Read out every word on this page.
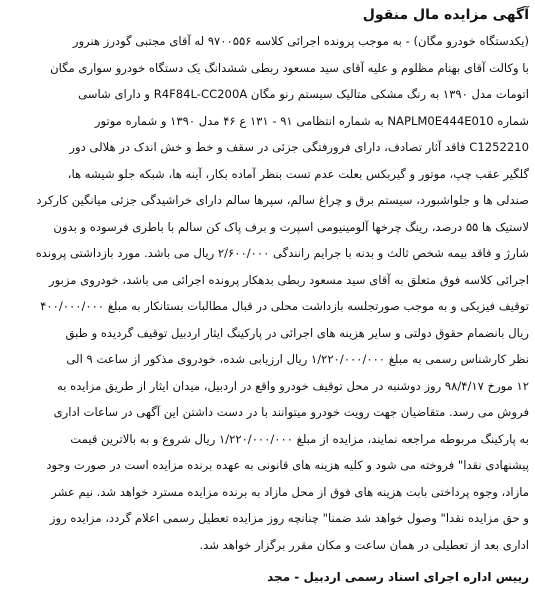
آگهی مزایده مال منقول
(یکدستگاه خودرو مگان) - به موجب پرونده اجرائی کلاسه ۹۷۰۰۵۵۶ له آقای مجتبی گودرز هنرور
با وکالت آقای بهنام مظلوم و علیه آقای سید مسعود ربطی ششدانگ یک دستگاه خودرو سواری مگان
اتومات مدل ۱۳۹۰ به رنگ مشکی متالیک سیستم رنو مگان R4F84L-CC200A و دارای شاسی
شماره NAPLM0E444E010 به شماره انتظامی ۹۱ - ۱۳۱ ع ۴۶ مدل ۱۳۹۰ و شماره موتور
C1252210 فاقد آثار تصادف، دارای فرورفتگی جزئی در سقف و خط و خش اندک در هلالی دور
گلگیر عقب چپ، موتور و گیربکس بعلت عدم تست بنظر آماده بکار، آینه ها، شبکه جلو شیشه ها،
صندلی ها و جلواشبورد، سیستم برق و چراغ سالم، سپرها سالم دارای خراشیدگی جزئی میانگین کارکرد
لاستیک ها ۵۵ درصد، رینگ چرخها آلومینیومی اسپرت و برف پاک کن سالم با باطری فرسوده و بدون
شارژ و فاقد بیمه شخص ثالث و بدنه با جرایم رانندگی ۲/۶۰۰/۰۰۰ ریال می باشد. مورد بازداشتی پرونده
اجرائی کلاسه فوق متعلق به آقای سید مسعود ربطی بدهکار پرونده اجرائی می باشد، خودروی مزبور
توقیف فیزیکی و به موجب صورتجلسه بازداشت محلی در قبال مطالبات بستانکار به مبلغ ۴۰۰/۰۰۰/۰۰۰
ریال بانضمام حقوق دولتی و سایر هزینه های اجرائی در پارکینگ ایثار اردبیل توقیف گردیده و طبق
نظر کارشناس رسمی به مبلغ ۱/۲۲۰/۰۰۰/۰۰۰ ریال ارزیابی شده، خودروی مذکور از ساعت ۹ الی
۱۲ مورخ ۹۸/۴/۱۷ روز دوشنبه در محل توقیف خودرو واقع در اردبیل، میدان ایثار از طریق مزایده به
فروش می رسد. متقاضیان جهت رویت خودرو میتوانند با در دست داشتن این آگهی در ساعات اداری
به پارکینگ مربوطه مراجعه نمایند، مزایده از مبلغ ۱/۲۲۰/۰۰۰/۰۰۰ ریال شروع و به بالاترین قیمت
پیشنهادی نقدا" فروخته می شود و کلیه هزینه های قانونی به عهده برنده مزایده است در صورت وجود
مازاد، وجوه پرداختی بابت هزینه های فوق از محل مازاد به برنده مزایده مسترد خواهد شد. نیم عشر
و حق مزایده نقدا" وصول خواهد شد ضمنا" چنانچه روز مزایده تعطیل رسمی اعلام گردد، مزایده روز
اداری بعد از تعطیلی در همان ساعت و مکان مقرر برگزار خواهد شد.
رییس اداره اجرای اسناد رسمی اردبیل - مجد
